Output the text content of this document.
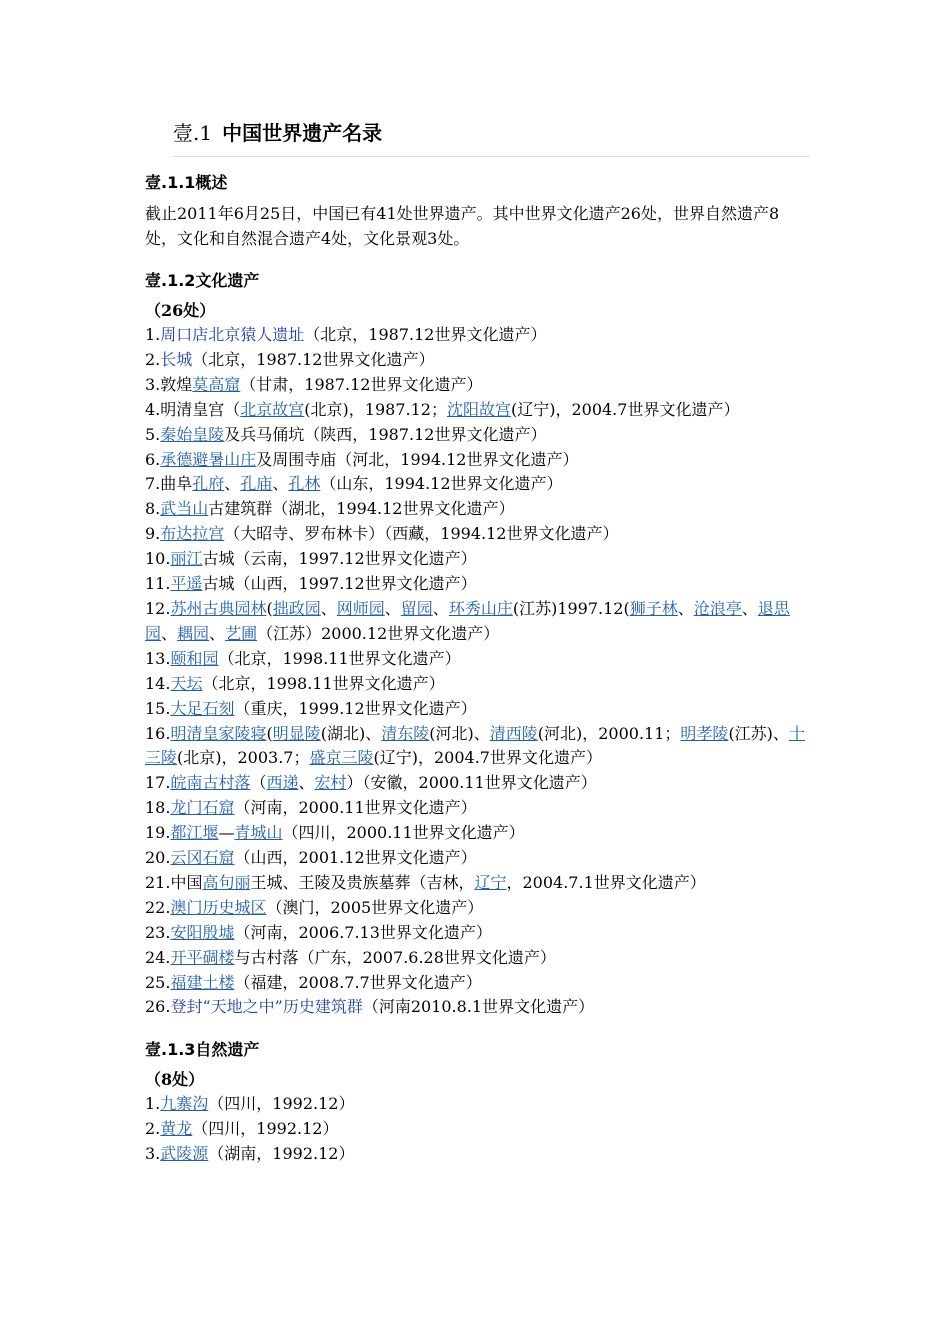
壹.1 中国世界遗产名录
壹.1.1概述

截止2011年6月25日，中国已有41处世界遗产。其中世界文化遗产26处，世界自然遗产8处，文化和自然混合遗产4处，文化景观3处。

壹.1.2文化遗产
（26处）

1.周口店北京猿人遗址（北京，1987.12世界文化遗产）

2.长城（北京，1987.12世界文化遗产）

3.敦煌莫高窟（甘肃，1987.12世界文化遗产）

4.明清皇宫（北京故宫(北京)，1987.12；沈阳故宫(辽宁)，2004.7世界文化遗产）

5.秦始皇陵及兵马俑坑（陕西，1987.12世界文化遗产）

6.承德避暑山庄及周围寺庙（河北，1994.12世界文化遗产）

7.曲阜孔府、孔庙、孔林（山东，1994.12世界文化遗产）

8.武当山古建筑群（湖北，1994.12世界文化遗产）

9.布达拉宫（大昭寺、罗布林卡）（西藏，1994.12世界文化遗产）

10.丽江古城（云南，1997.12世界文化遗产）

11.平遥古城（山西，1997.12世界文化遗产）

12.苏州古典园林(拙政园、网师园、留园、环秀山庄(江苏)1997.12(狮子林、沧浪亭、退思园、耦园、艺圃（江苏）2000.12世界文化遗产）

13.颐和园（北京，1998.11世界文化遗产）

14.天坛（北京，1998.11世界文化遗产）

15.大足石刻（重庆，1999.12世界文化遗产）

16.明清皇家陵寝(明显陵(湖北)、清东陵(河北)、清西陵(河北)，2000.11；明孝陵(江苏)、十三陵(北京)，2003.7；盛京三陵(辽宁)，2004.7世界文化遗产）

17.皖南古村落（西递、宏村）（安徽，2000.11世界文化遗产）

18.龙门石窟（河南，2000.11世界文化遗产）

19.都江堰—青城山（四川，2000.11世界文化遗产）

20.云冈石窟（山西，2001.12世界文化遗产）

21.中国高句丽王城、王陵及贵族墓葬（吉林，辽宁，2004.7.1世界文化遗产）

22.澳门历史城区（澳门，2005世界文化遗产）

23.安阳殷墟（河南，2006.7.13世界文化遗产）

24.开平碉楼与古村落（广东，2007.6.28世界文化遗产）

25.福建土楼（福建，2008.7.7世界文化遗产）

26.登封“天地之中”历史建筑群（河南2010.8.1世界文化遗产）

壹.1.3自然遗产
（8处）

1.九寨沟（四川，1992.12）

2.黄龙（四川，1992.12）

3.武陵源（湖南，1992.12）
